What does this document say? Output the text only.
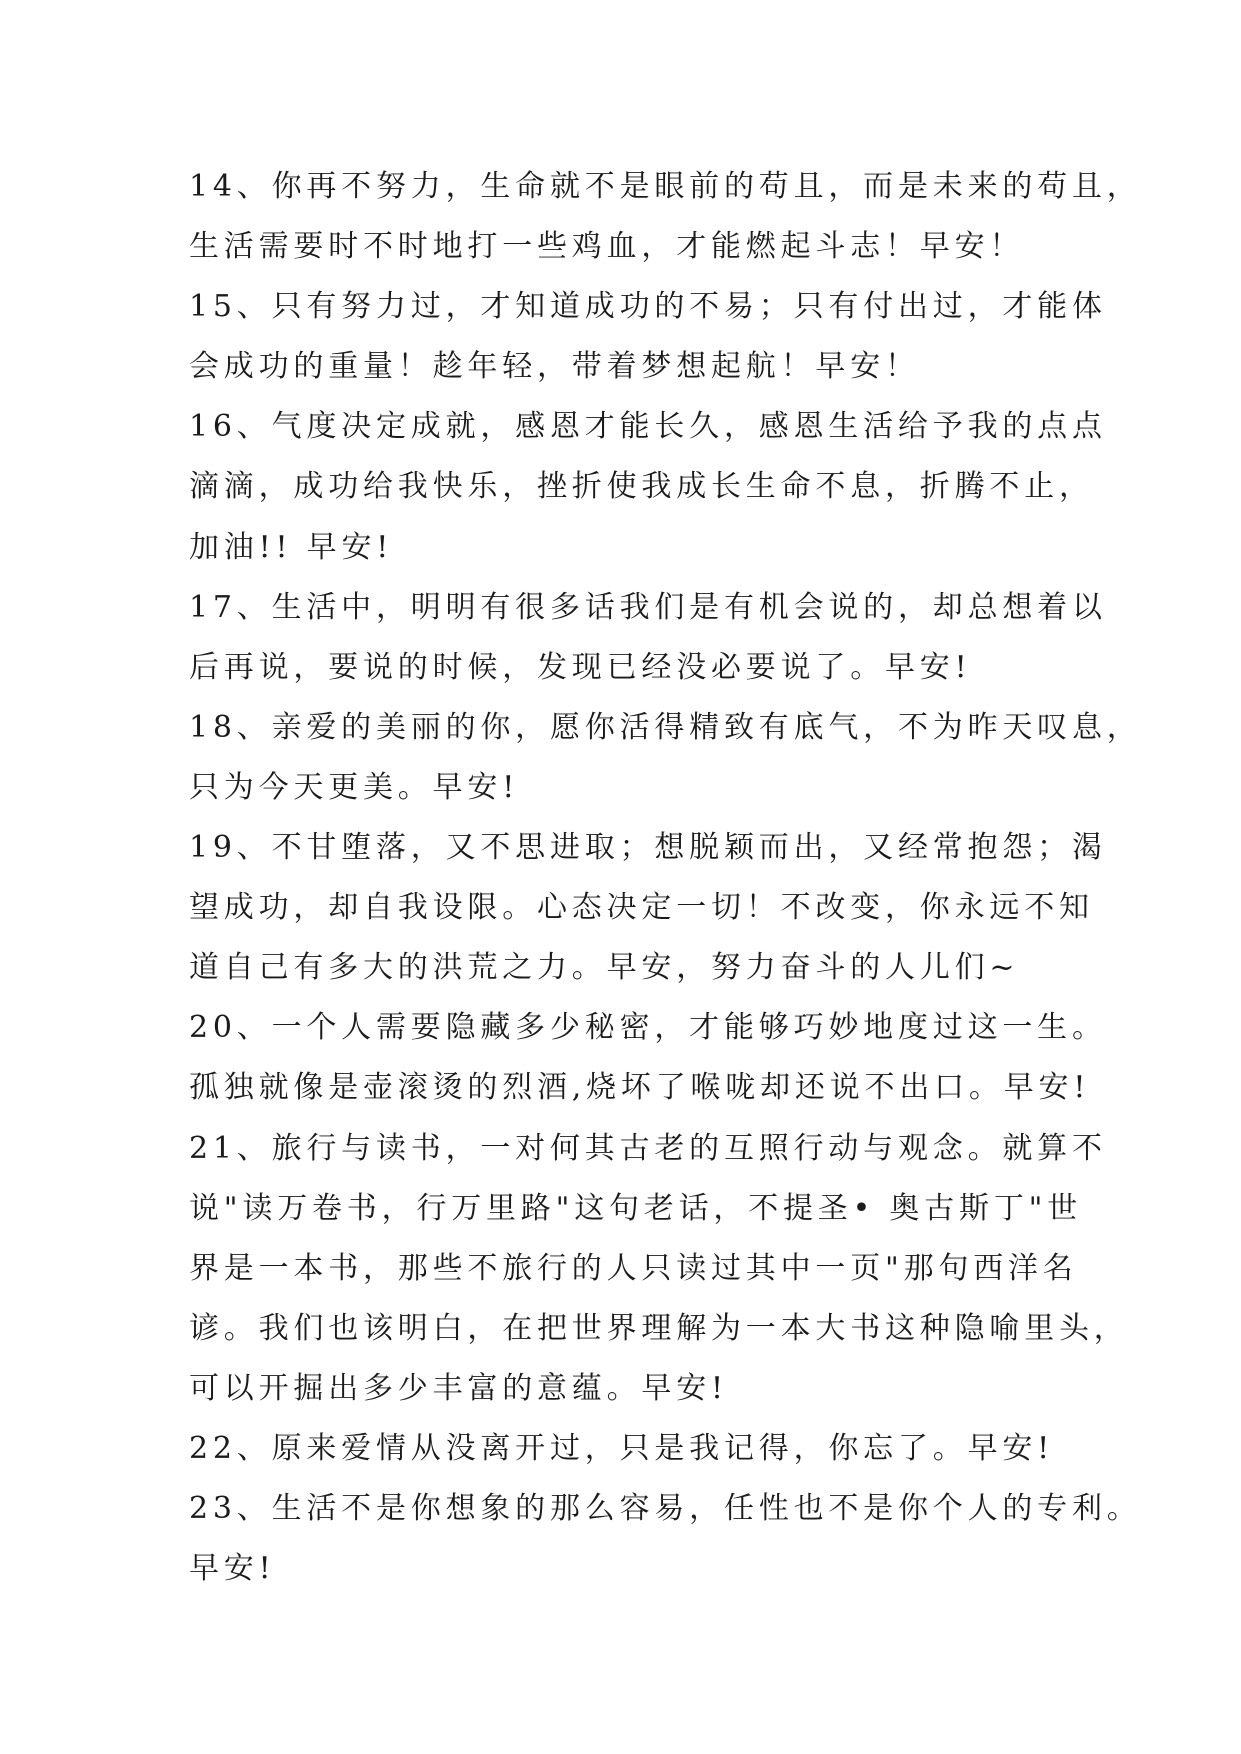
14、你再不努力，生命就不是眼前的苟且，而是未来的苟且，
生活需要时不时地打一些鸡血，才能燃起斗志！早安！
15、只有努力过，才知道成功的不易；只有付出过，才能体
会成功的重量！趁年轻，带着梦想起航！早安！
16、气度决定成就，感恩才能长久，感恩生活给予我的点点
滴滴，成功给我快乐，挫折使我成长生命不息，折腾不止，
加油!! 早安!
17、生活中，明明有很多话我们是有机会说的，却总想着以
后再说，要说的时候，发现已经没必要说了。早安!
18、亲爱的美丽的你，愿你活得精致有底气，不为昨天叹息，
只为今天更美。早安!
19、不甘堕落，又不思进取；想脱颖而出，又经常抱怨；渴
望成功，却自我设限。心态决定一切！不改变，你永远不知
道自己有多大的洪荒之力。早安，努力奋斗的人儿们~
20、一个人需要隐藏多少秘密，才能够巧妙地度过这一生。
孤独就像是壶滚烫的烈酒,烧坏了喉咙却还说不出口。早安!
21、旅行与读书，一对何其古老的互照行动与观念。就算不
说"读万卷书，行万里路"这句老话，不提圣• 奥古斯丁"世
界是一本书，那些不旅行的人只读过其中一页"那句西洋名
谚。我们也该明白，在把世界理解为一本大书这种隐喻里头，
可以开掘出多少丰富的意蕴。早安!
22、原来爱情从没离开过，只是我记得，你忘了。早安!
23、生活不是你想象的那么容易，任性也不是你个人的专利。
早安!
